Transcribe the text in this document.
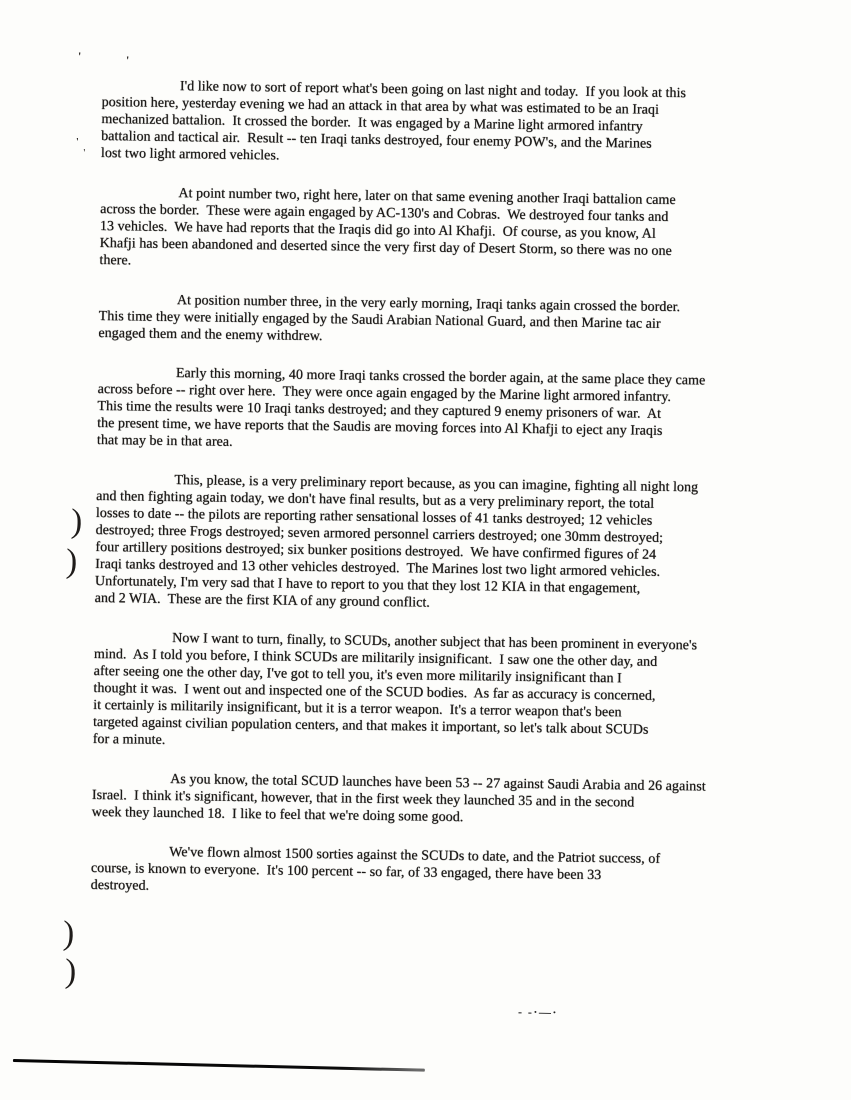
'	'
'
'

I'd like now to sort of report what's been going on last night and today.  If you look at this
position here, yesterday evening we had an attack in that area by what was estimated to be an Iraqi
mechanized battalion.  It crossed the border.  It was engaged by a Marine light armored infantry
battalion and tactical air.  Result -- ten Iraqi tanks destroyed, four enemy POW's, and the Marines
lost two light armored vehicles.

At point number two, right here, later on that same evening another Iraqi battalion came
across the border.  These were again engaged by AC-130's and Cobras.  We destroyed four tanks and
13 vehicles.  We have had reports that the Iraqis did go into Al Khafji.  Of course, as you know, Al
Khafji has been abandoned and deserted since the very first day of Desert Storm, so there was no one
there.

At position number three, in the very early morning, Iraqi tanks again crossed the border.
This time they were initially engaged by the Saudi Arabian National Guard, and then Marine tac air
engaged them and the enemy withdrew.

Early this morning, 40 more Iraqi tanks crossed the border again, at the same place they came
across before -- right over here.  They were once again engaged by the Marine light armored infantry.
This time the results were 10 Iraqi tanks destroyed; and they captured 9 enemy prisoners of war.  At
the present time, we have reports that the Saudis are moving forces into Al Khafji to eject any Iraqis
that may be in that area.

This, please, is a very preliminary report because, as you can imagine, fighting all night long
and then fighting again today, we don't have final results, but as a very preliminary report, the total
losses to date -- the pilots are reporting rather sensational losses of 41 tanks destroyed; 12 vehicles
destroyed; three Frogs destroyed; seven armored personnel carriers destroyed; one 30mm destroyed;
four artillery positions destroyed; six bunker positions destroyed.  We have confirmed figures of 24
Iraqi tanks destroyed and 13 other vehicles destroyed.  The Marines lost two light armored vehicles.
Unfortunately, I'm very sad that I have to report to you that they lost 12 KIA in that engagement,
and 2 WIA.  These are the first KIA of any ground conflict.

Now I want to turn, finally, to SCUDs, another subject that has been prominent in everyone's
mind.  As I told you before, I think SCUDs are militarily insignificant.  I saw one the other day, and
after seeing one the other day, I've got to tell you, it's even more militarily insignificant than I
thought it was.  I went out and inspected one of the SCUD bodies.  As far as accuracy is concerned,
it certainly is militarily insignificant, but it is a terror weapon.  It's a terror weapon that's been
targeted against civilian population centers, and that makes it important, so let's talk about SCUDs
for a minute.

As you know, the total SCUD launches have been 53 -- 27 against Saudi Arabia and 26 against
Israel.  I think it's significant, however, that in the first week they launched 35 and in the second
week they launched 18.  I like to feel that we're doing some good.

We've flown almost 1500 sorties against the SCUDs to date, and the Patriot success, of
course, is known to everyone.  It's 100 percent -- so far, of 33 engaged, there have been 33
destroyed.

)
)
)
)
- -·—·
